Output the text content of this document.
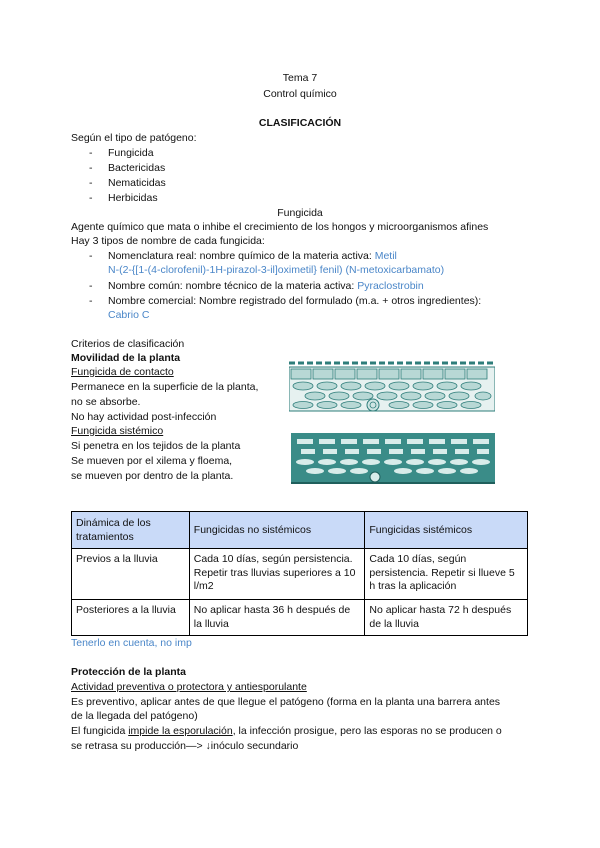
Tema 7
Control químico
CLASIFICACIÓN
Según el tipo de patógeno:
- Fungicida
- Bactericidas
- Nematicidas
- Herbicidas
Fungicida
Agente químico que mata o inhibe el crecimiento de los hongos y microorganismos afines
Hay 3 tipos de nombre de cada fungicida:
- Nomenclatura real: nombre químico de la materia activa: Metil
N-(2-{[1-(4-clorofenil)-1H-pirazol-3-il]oximetil} fenil) (N-metoxicarbamato)
- Nombre común: nombre técnico de la materia activa: Pyraclostrobin
- Nombre comercial: Nombre registrado del formulado (m.a. + otros ingredientes):
Cabrio C
Criterios de clasificación
Movilidad de la planta
Fungicida de contacto
Permanece en la superficie de la planta,
no se absorbe.
No hay actividad post-infección
Fungicida sistémico
Si penetra en los tejidos de la planta
Se mueven por el xilema y floema,
se mueven por dentro de la planta.
Dinámica de los tratamientos	Fungicidas no sistémicos	Fungicidas sistémicos
Previos a la lluvia	Cada 10 días, según persistencia. Repetir tras lluvias superiores a 10 l/m2	Cada 10 días, según persistencia. Repetir si llueve 5 h tras la aplicación
Posteriores a la lluvia	No aplicar hasta 36 h después de la lluvia	No aplicar hasta 72 h después de la lluvia
Tenerlo en cuenta, no imp
Protección de la planta
Actividad preventiva o protectora y antiesporulante
Es preventivo, aplicar antes de que llegue el patógeno (forma en la planta una barrera antes
de la llegada del patógeno)
El fungicida impide la esporulación, la infección prosigue, pero las esporas no se producen o
se retrasa su producción—> ↓inóculo secundario
